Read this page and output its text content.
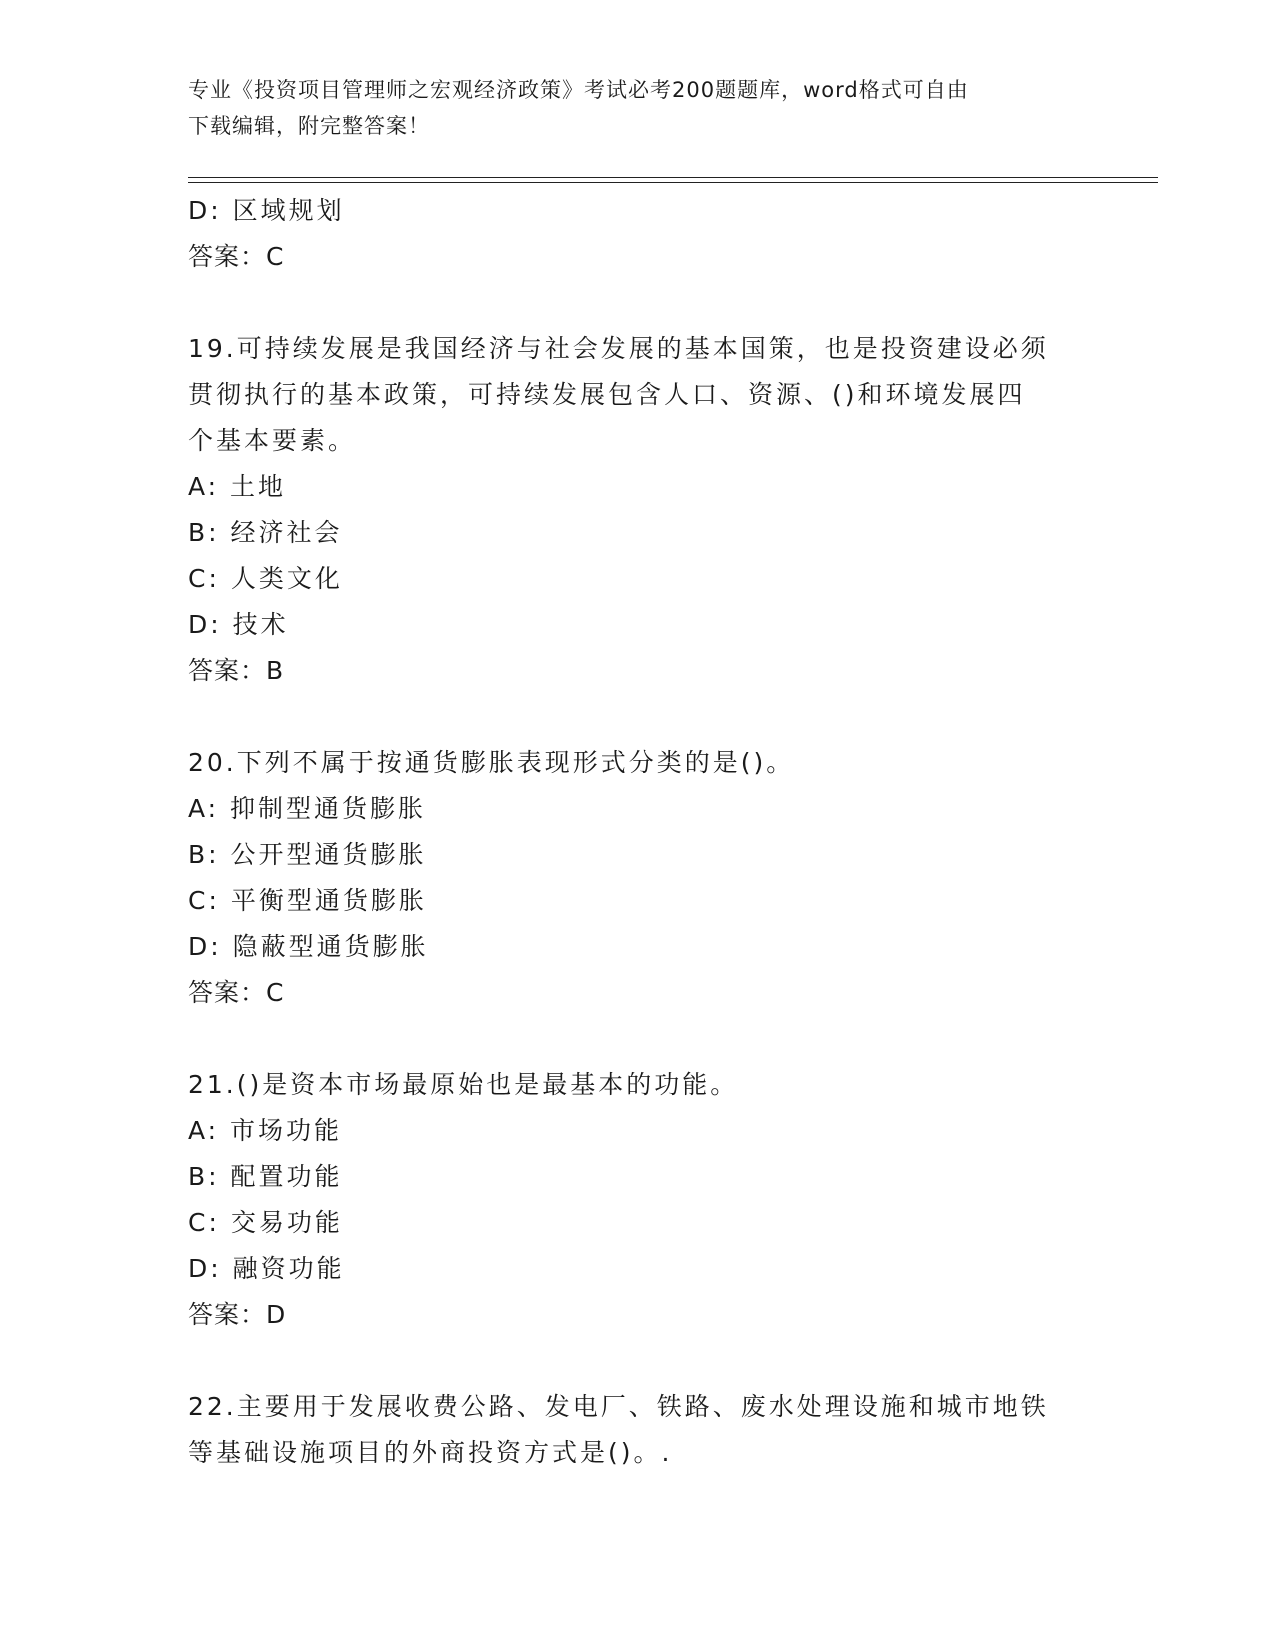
专业《投资项目管理师之宏观经济政策》考试必考200题题库，word格式可自由
下载编辑，附完整答案！
D: 区域规划
答案：C
19.可持续发展是我国经济与社会发展的基本国策，也是投资建设必须
贯彻执行的基本政策，可持续发展包含人口、资源、()和环境发展四
个基本要素。
A: 土地
B: 经济社会
C: 人类文化
D: 技术
答案：B
20.下列不属于按通货膨胀表现形式分类的是()。
A: 抑制型通货膨胀
B: 公开型通货膨胀
C: 平衡型通货膨胀
D: 隐蔽型通货膨胀
答案：C
21.()是资本市场最原始也是最基本的功能。
A: 市场功能
B: 配置功能
C: 交易功能
D: 融资功能
答案：D
22.主要用于发展收费公路、发电厂、铁路、废水处理设施和城市地铁
等基础设施项目的外商投资方式是()。.
